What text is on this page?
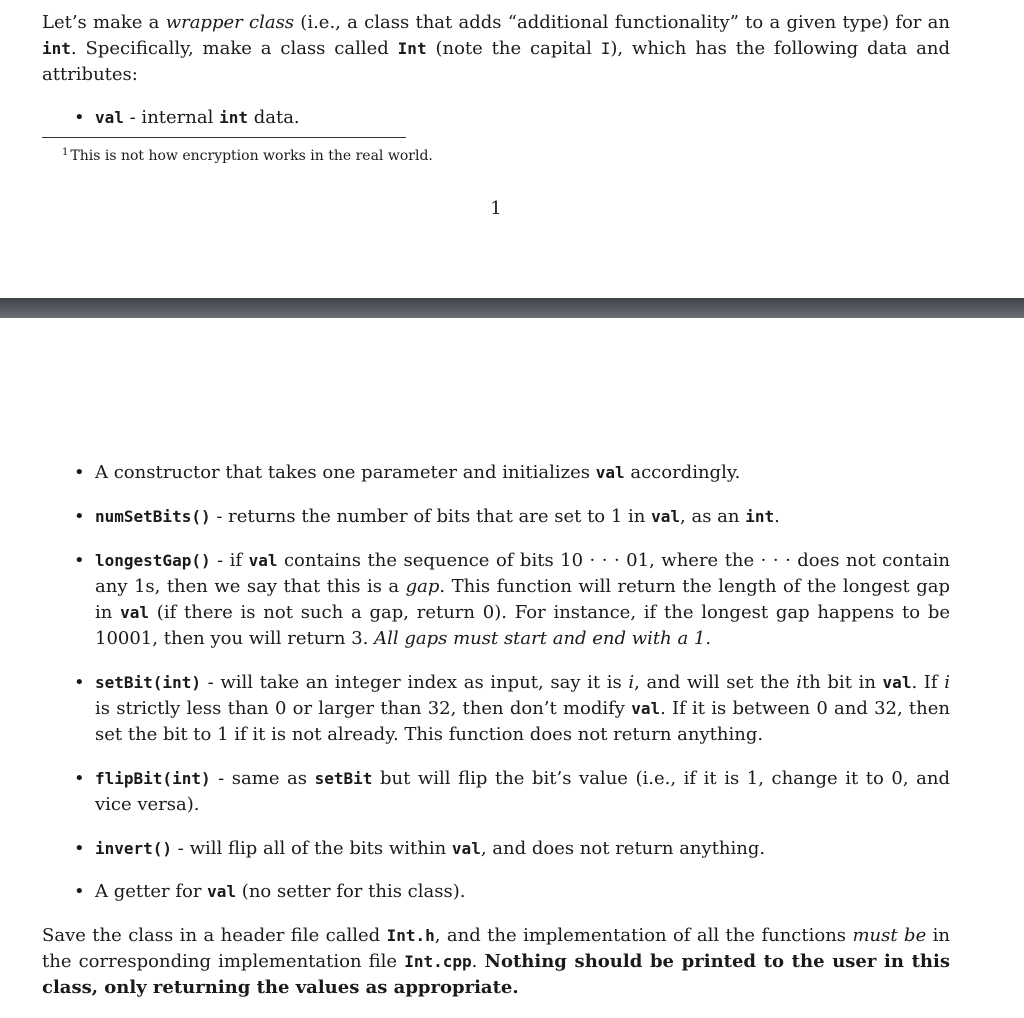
Let’s make a wrapper class (i.e., a class that adds “additional functionality” to a given type) for an int. Specifically, make a class called Int (note the capital I), which has the following data and attributes:
• val - internal int data.
$^1$ This is not how encryption works in the real world.
1
• A constructor that takes one parameter and initializes val accordingly.
• numSetBits() - returns the number of bits that are set to 1 in val, as an int.
• longestGap() - if val contains the sequence of bits 10 · · · 01, where the · · · does not contain any 1s, then we say that this is a gap. This function will return the length of the longest gap in val (if there is not such a gap, return 0). For instance, if the longest gap happens to be 10001, then you will return 3. All gaps must start and end with a 1.
• setBit(int) - will take an integer index as input, say it is i, and will set the ith bit in val. If i is strictly less than 0 or larger than 32, then don’t modify val. If it is between 0 and 32, then set the bit to 1 if it is not already. This function does not return anything.
• flipBit(int) - same as setBit but will flip the bit’s value (i.e., if it is 1, change it to 0, and vice versa).
• invert() - will flip all of the bits within val, and does not return anything.
• A getter for val (no setter for this class).
Save the class in a header file called Int.h, and the implementation of all the functions must be in the corresponding implementation file Int.cpp. Nothing should be printed to the user in this class, only returning the values as appropriate.
